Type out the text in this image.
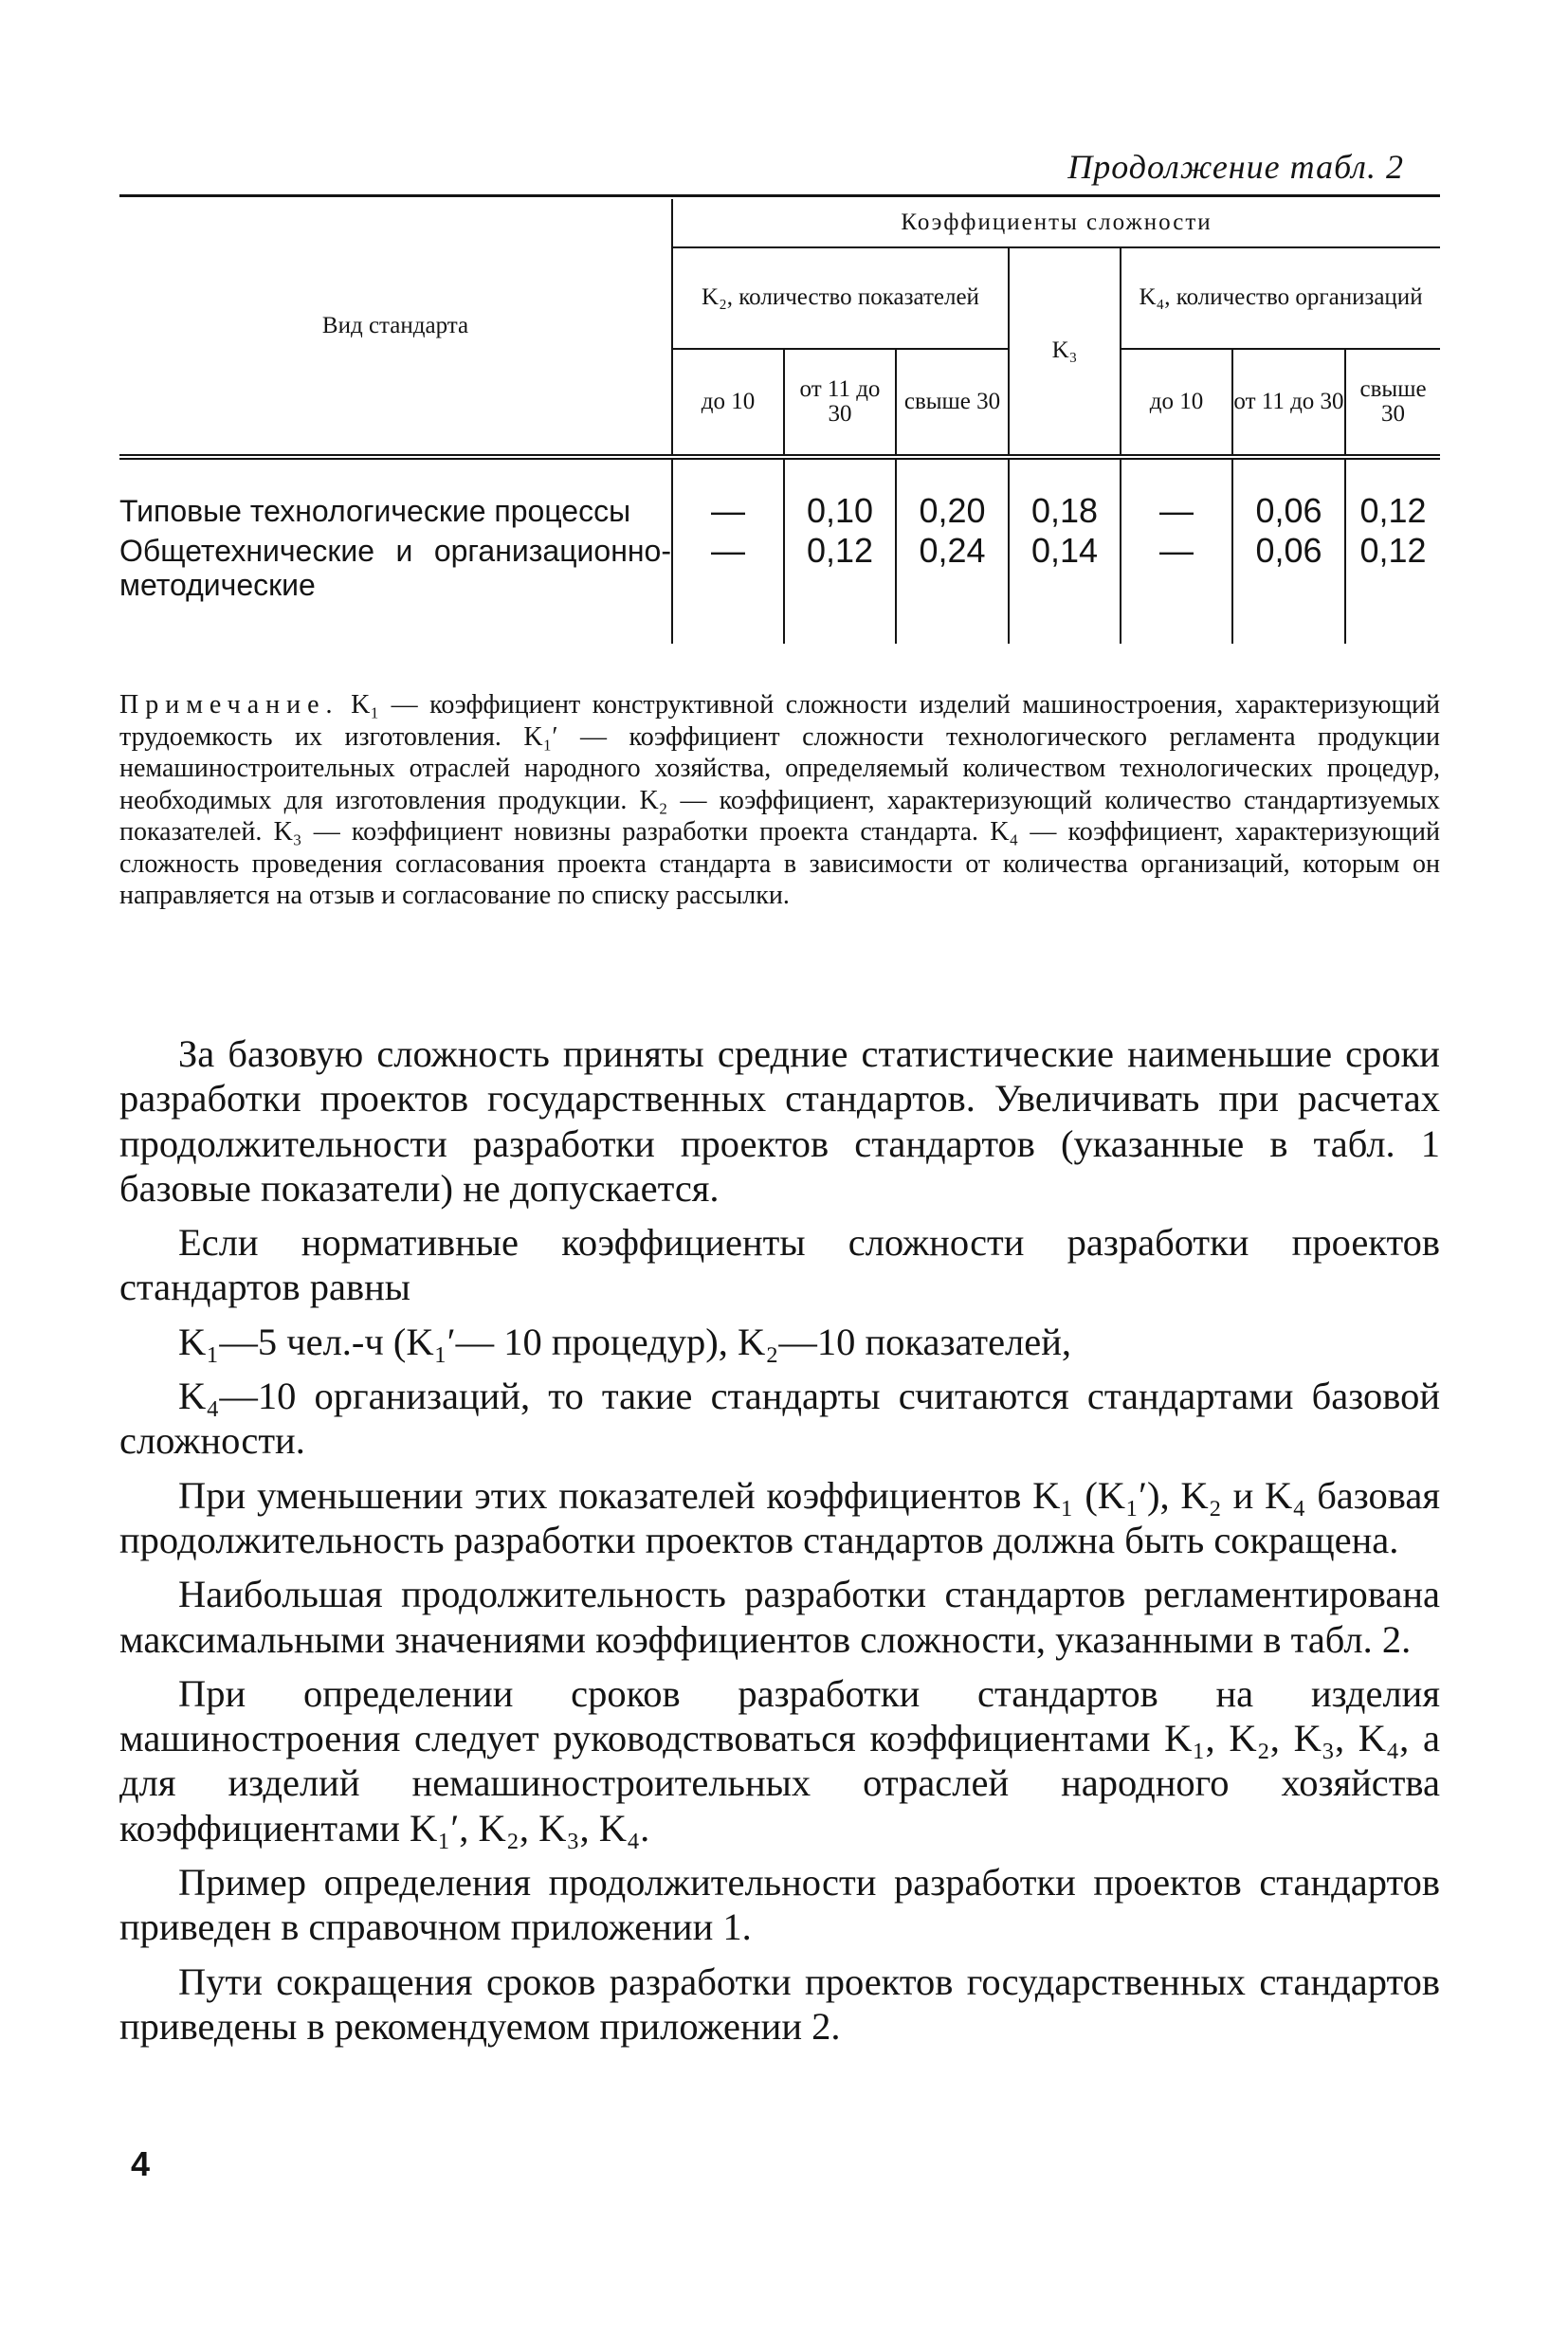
Продолжение табл. 2
Вид стандарта	Коэффициенты сложности							
	K₂, количество показателей			K₃	K₄, количество организаций			
	до 10	от 11 до 30	свыше 30		до 10	от 11 до 30	свыше 30	
Типовые технологические процессы	—	0,10	0,20	0,18	—	0,06	0,12	

Общетехнические и организационно-методические	—	0,12	0,24	0,14	—	0,06	0,12	
Примечание. K₁ — коэффициент конструктивной сложности изделий машиностроения, характеризующий трудоемкость их изготовления. K₁′ — коэффициент сложности технологического регламента продукции немашиностроительных отраслей народного хозяйства, определяемый количеством технологических процедур, необходимых для изготовления продукции. K₂ — коэффициент, характеризующий количество стандартизуемых показателей. K₃ — коэффициент новизны разработки проекта стандарта. K₄ — коэффициент, характеризующий сложность проведения согласования проекта стандарта в зависимости от количества организаций, которым он направляется на отзыв и согласование по списку рассылки.

За базовую сложность приняты средние статистические наименьшие сроки разработки проектов государственных стандартов. Увеличивать при расчетах продолжительности разработки проектов стандартов (указанные в табл. 1 базовые показатели) не допускается.

Если нормативные коэффициенты сложности разработки проектов стандартов равны

K₁—5 чел.-ч (K₁′— 10 процедур), K₂—10 показателей,

K₄—10 организаций, то такие стандарты считаются стандартами базовой сложности.

При уменьшении этих показателей коэффициентов K₁ (K₁′), K₂ и K₄ базовая продолжительность разработки проектов стандартов должна быть сокращена.

Наибольшая продолжительность разработки стандартов регламентирована максимальными значениями коэффициентов сложности, указанными в табл. 2.

При определении сроков разработки стандартов на изделия машиностроения следует руководствоваться коэффициентами K₁, K₂, K₃, K₄, а для изделий немашиностроительных отраслей народного хозяйства коэффициентами K₁′, K₂, K₃, K₄.

Пример определения продолжительности разработки проектов стандартов приведен в справочном приложении 1.

Пути сокращения сроков разработки проектов государственных стандартов приведены в рекомендуемом приложении 2.

4
